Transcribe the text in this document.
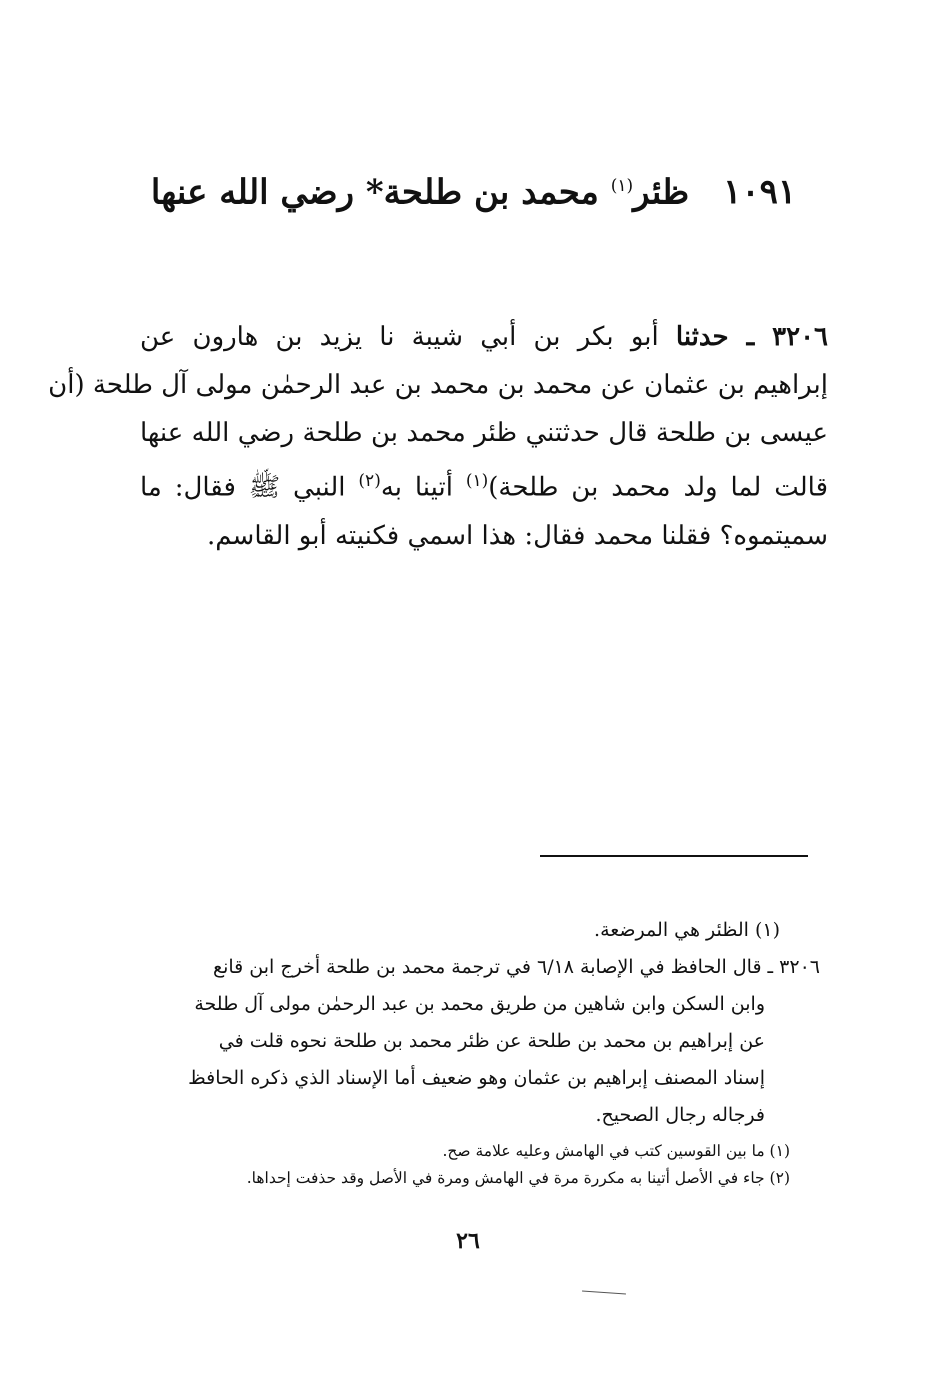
١٠٩١ ظئر$^{(١)}$ محمد بن طلحة* رضي الله عنها
٣٢٠٦ ـ حدثنا أبو بكر بن أبي شيبة نا يزيد بن هارون عن
إبراهيم بن عثمان عن محمد بن محمد بن عبد الرحمٰن مولى آل طلحة (أن
عيسى بن طلحة قال حدثتني ظئر محمد بن طلحة رضي الله عنها
قالت لما ولد محمد بن طلحة)$^{(١)}$ أتينا به$^{(٢)}$ النبي ﷺ فقال: ما
سميتموه؟ فقلنا محمد فقال: هذا اسمي فكنيته أبو القاسم.
(١) الظئر هي المرضعة.
٣٢٠٦ ـ قال الحافظ في الإصابة ٦/١٨ في ترجمة محمد بن طلحة أخرج ابن قانع
وابن السكن وابن شاهين من طريق محمد بن عبد الرحمٰن مولى آل طلحة
عن إبراهيم بن محمد بن طلحة عن ظئر محمد بن طلحة نحوه قلت في
إسناد المصنف إبراهيم بن عثمان وهو ضعيف أما الإسناد الذي ذكره الحافظ
فرجاله رجال الصحيح.
(١) ما بين القوسين كتب في الهامش وعليه علامة صح.
(٢) جاء في الأصل أتينا به مكررة مرة في الهامش ومرة في الأصل وقد حذفت إحداها.
٢٦
